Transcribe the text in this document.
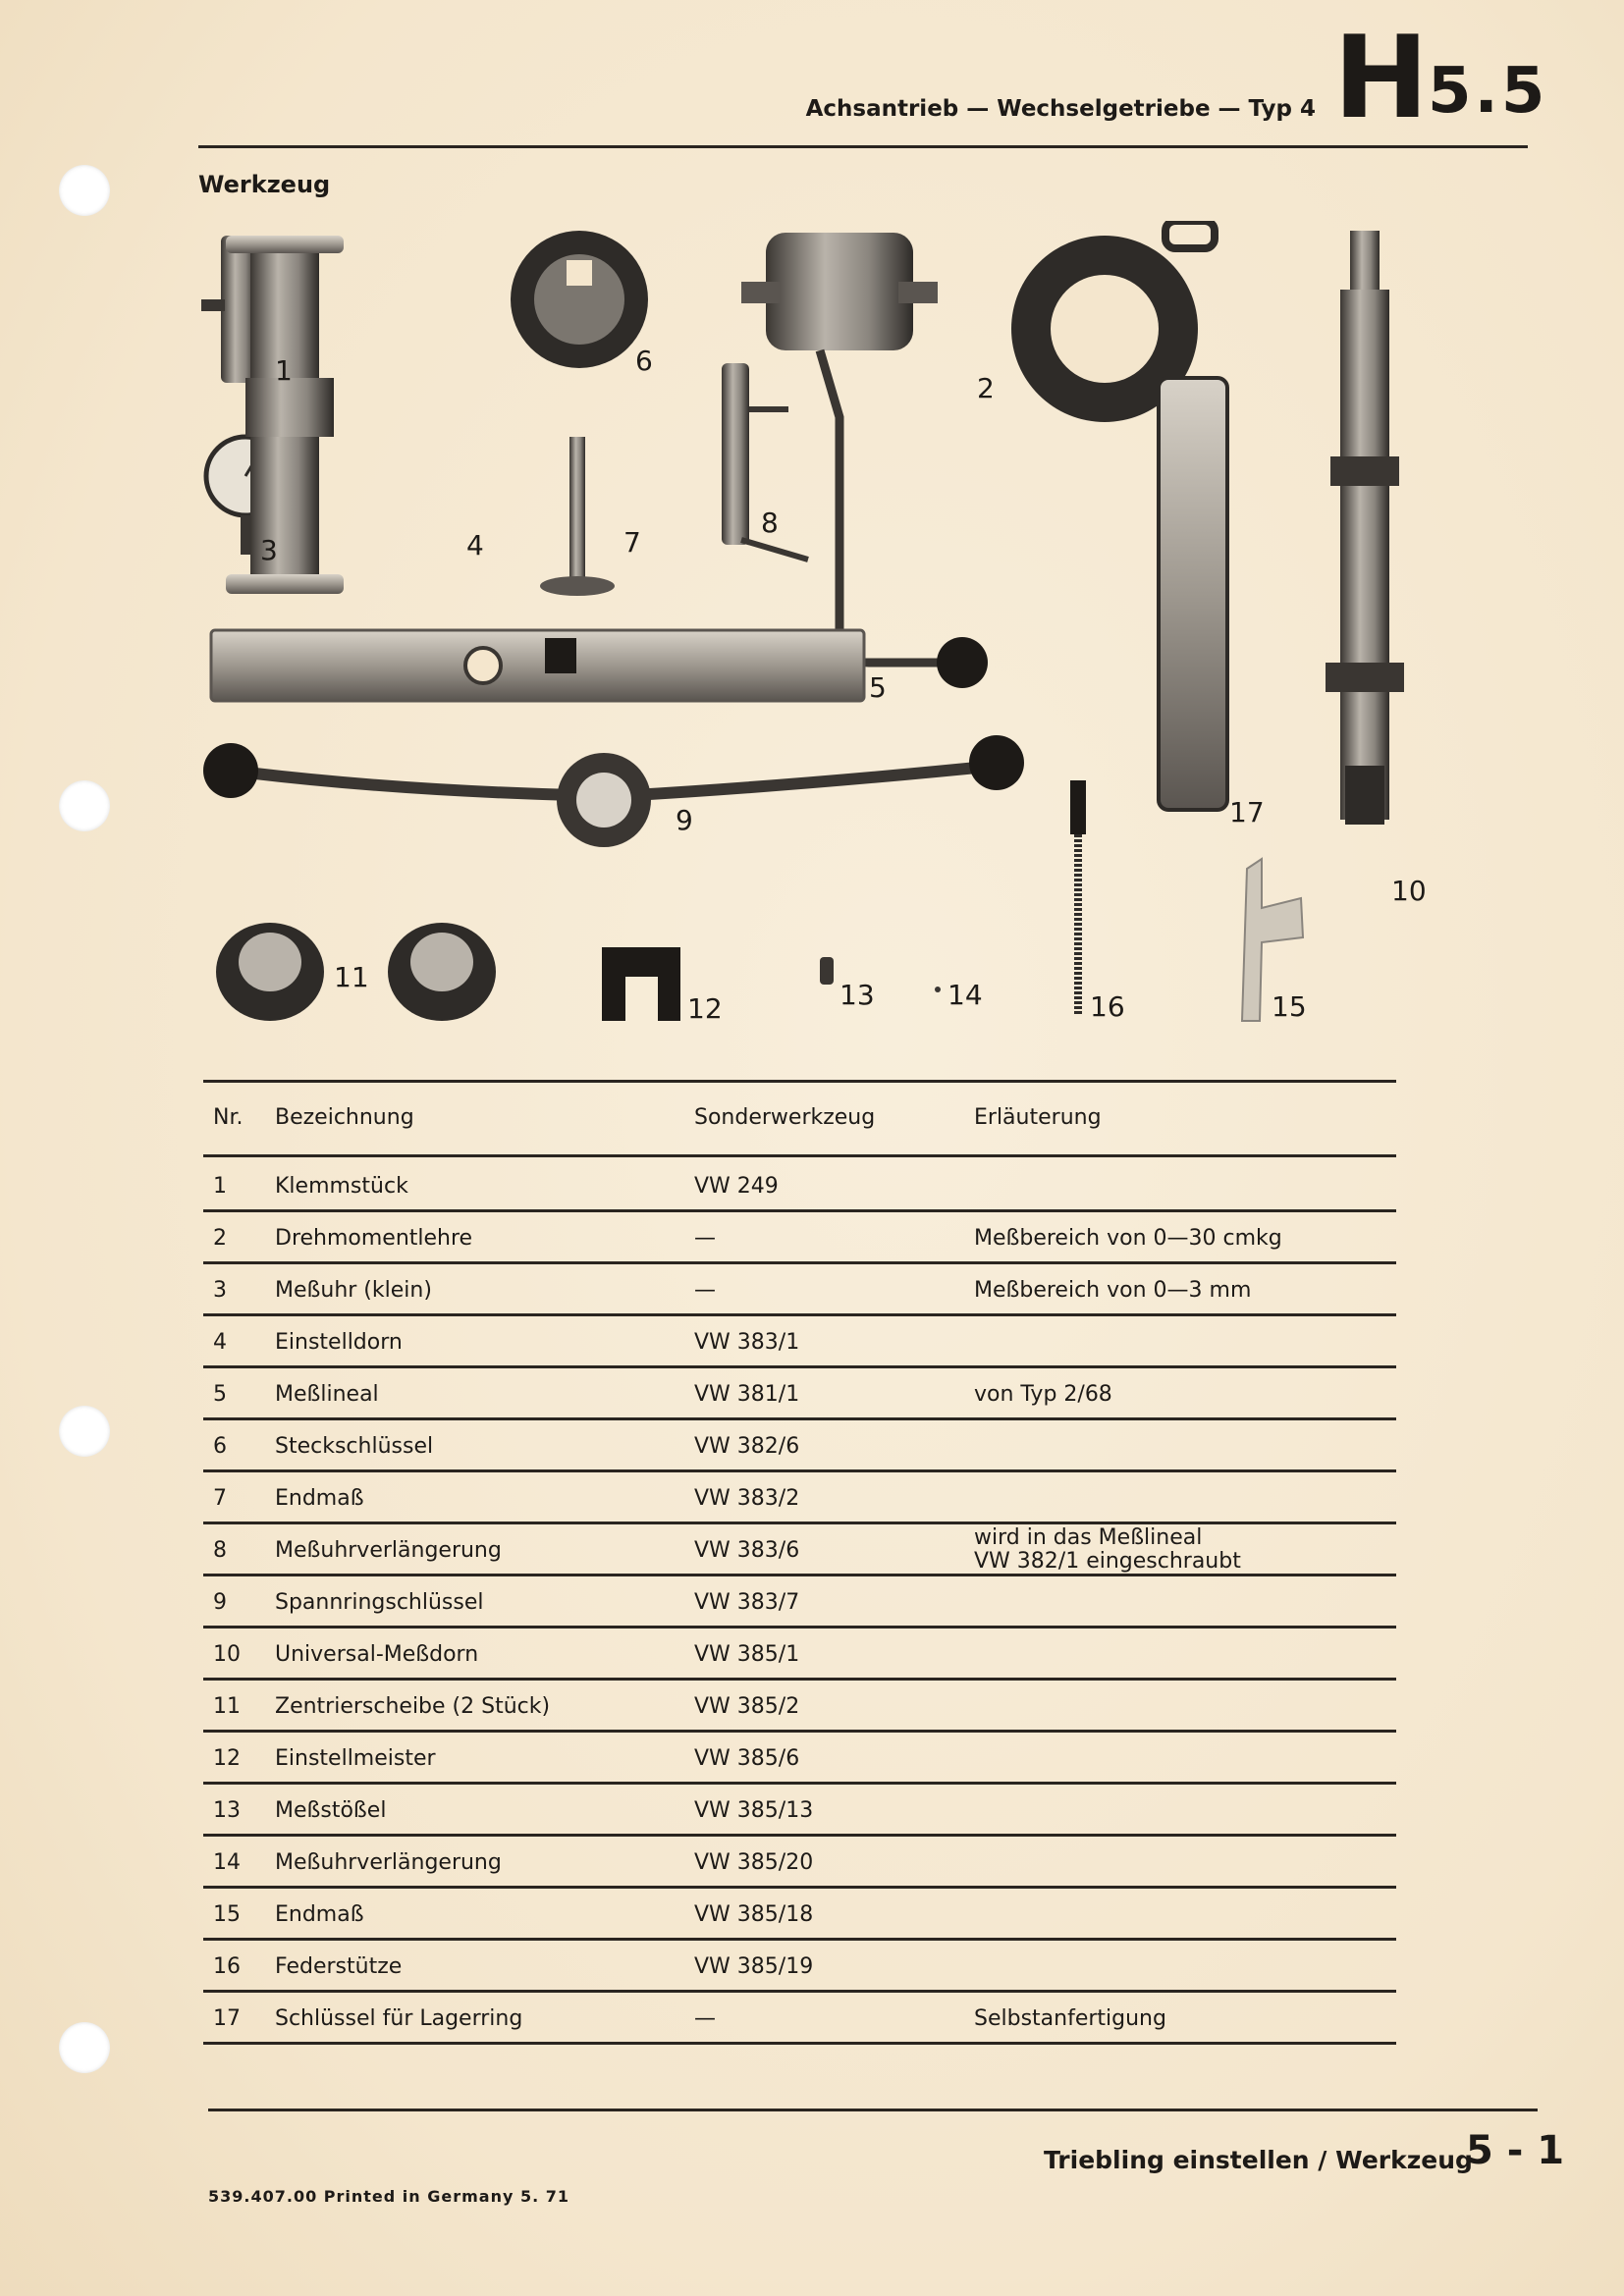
Achsantrieb — Wechselgetriebe — Typ 4 H
5.5
Werkzeug
1
2
3	4
5
6
7
8
9
10
11
12	13	14	15
16
17
Nr. Bezeichnung	Sonderwerkzeug	Erläuterung
1	Klemmstück	VW 249
2	Drehmomentlehre	—	Meßbereich von 0—30 cmkg
3	Meßuhr (klein)	—	Meßbereich von 0—3 mm
4	Einstelldorn	VW 383/1
5	Meßlineal	VW 381/1	von Typ 2/68
6	Steckschlüssel	VW 382/6
7	Endmaß	VW 383/2
8	Meßuhrverlängerung	VW 383/6
wird in das Meßlineal
VW 382/1 eingeschraubt
9	Spannringschlüssel	VW 383/7
10 Universal-Meßdorn	VW 385/1
11 Zentrierscheibe (2 Stück)	VW 385/2
12 Einstellmeister	VW 385/6
13 Meßstößel	VW 385/13
14 Meßuhrverlängerung	VW 385/20
15 Endmaß	VW 385/18
16 Federstütze	VW 385/19
17 Schlüssel für Lagerring	—	Selbstanfertigung
Triebling einstellen / Werkzeug
5 - 1
539.407.00 Printed in Germany 5. 71
